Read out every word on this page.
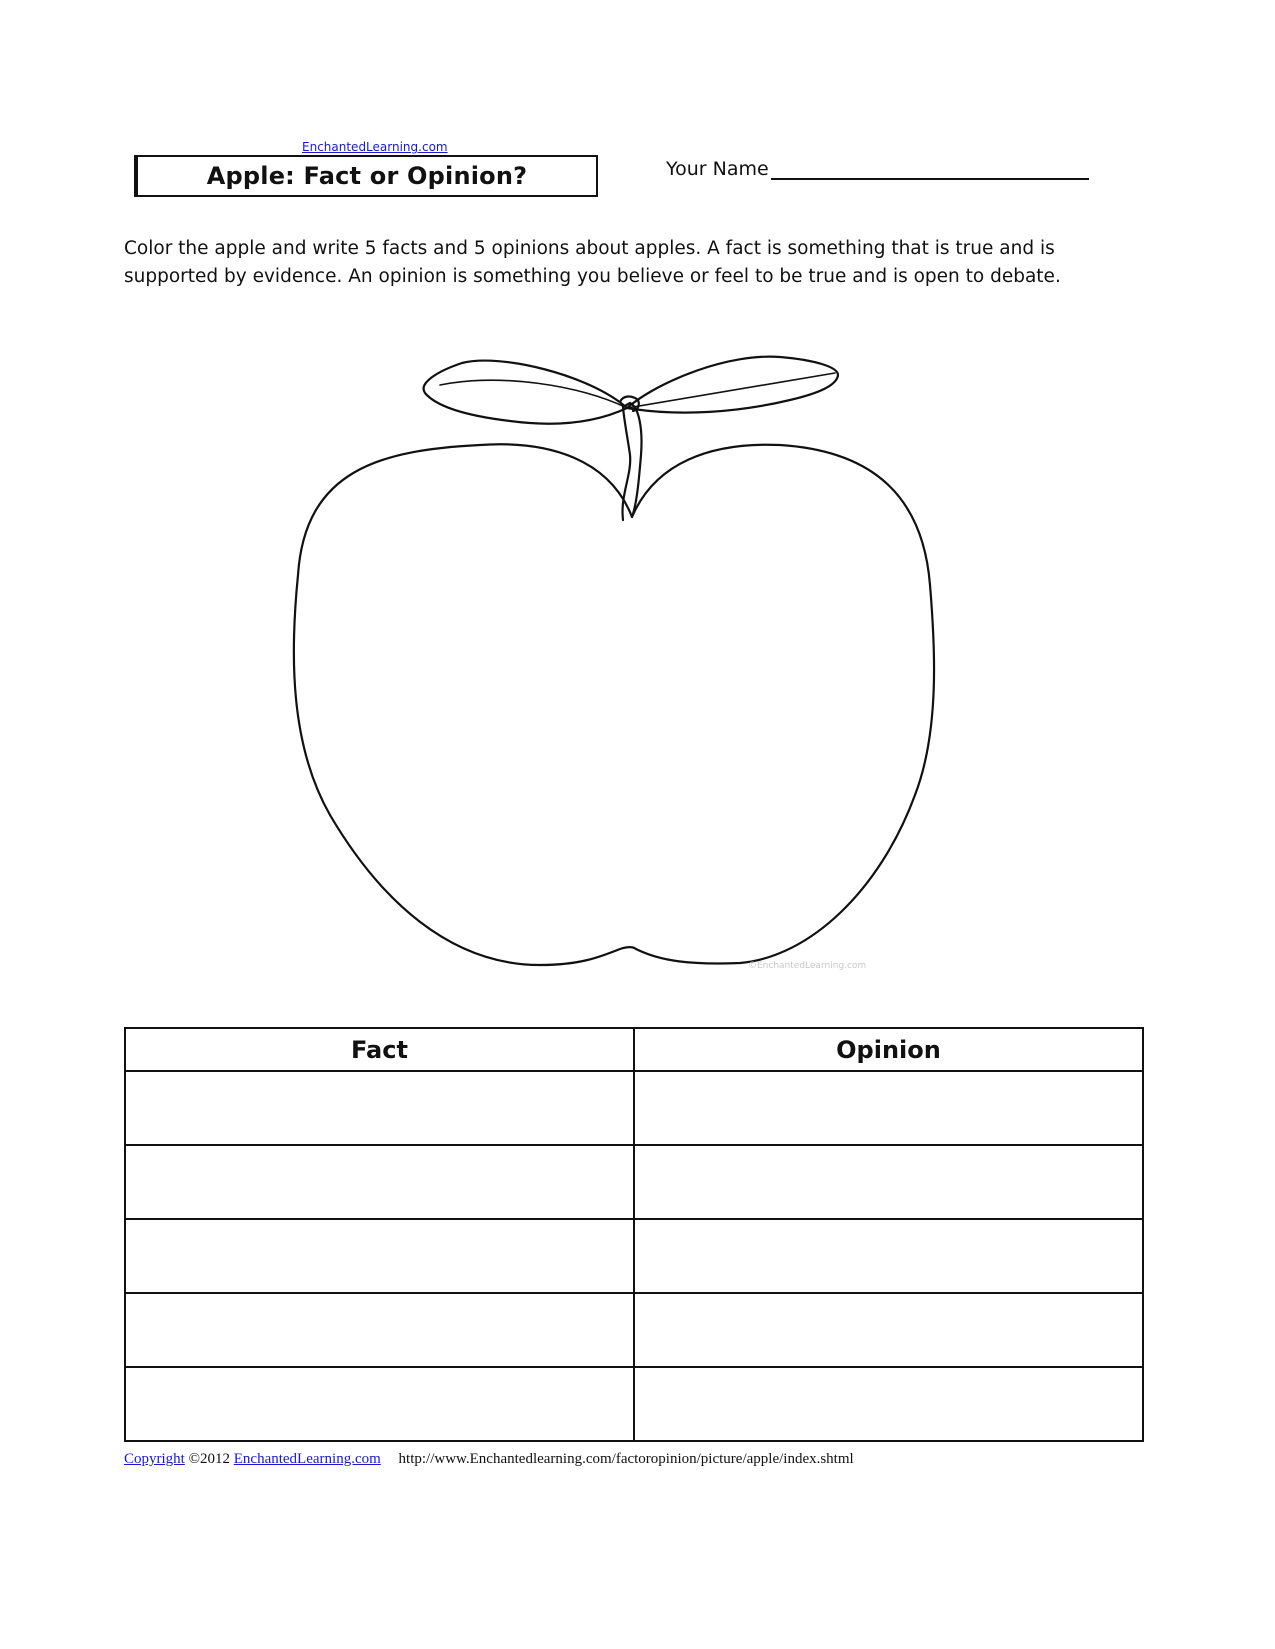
EnchantedLearning.com
Apple: Fact or Opinion?	Your Name
Color the apple and write 5 facts and 5 opinions about apples. A fact is something that is true and is supported by evidence. An opinion is something you believe or feel to be true and is open to debate.
©EnchantedLearning.com
Fact	Opinion

Copyright ©2012 EnchantedLearning.com http://www.Enchantedlearning.com/factoropinion/picture/apple/index.shtml
